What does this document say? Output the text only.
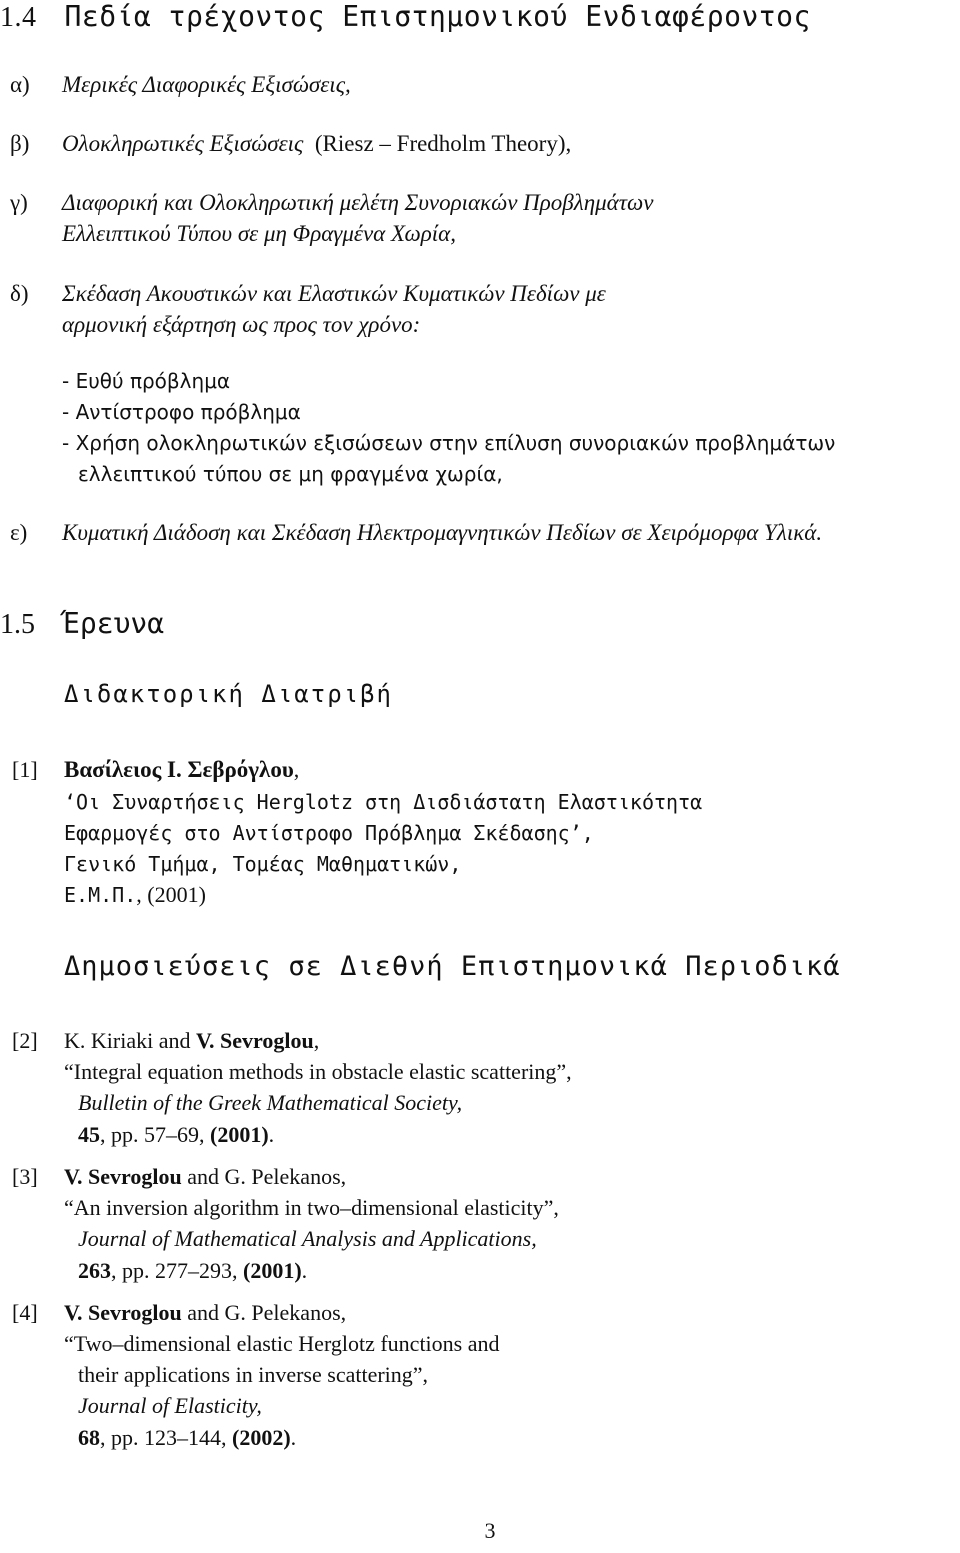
1.4 Πεδία τρέχοντος Επιστημονικού Ενδιαφέροντος
α) Μερικές Διαφορικές Εξισώσεις,
β) Ολοκληρωτικές Εξισώσεις (Riesz – Fredholm Theory),
γ) Διαφορική και Ολοκληρωτική μελέτη Συνοριακών Προβλημάτων
Ελλειπτικού Τύπου σε μη Φραγμένα Χωρία,
δ) Σκέδαση Ακουστικών και Ελαστικών Κυματικών Πεδίων με
αρμονική εξάρτηση ως προς τον χρόνο:
- Ευθύ πρόβλημα
- Αντίστροφο πρόβλημα
- Χρήση ολοκληρωτικών εξισώσεων στην επίλυση συνοριακών προβλημάτων
ελλειπτικού τύπου σε μη φραγμένα χωρία,
ε) Κυματική Διάδοση και Σκέδαση Ηλεκτρομαγνητικών Πεδίων σε Χειρόμορφα Υλικά.
1.5 Έρευνα
Διδακτορική Διατριβή
[1] Βασίλειος Ι. Σεβρόγλου,
‘Οι Συναρτήσεις Herglotz στη Δισδιάστατη Ελαστικότητα
Εφαρμογές στο Αντίστροφο Πρόβλημα Σκέδασης’,
Γενικό Τμήμα, Τομέας Μαθηματικών,
Ε.Μ.Π., (2001)
Δημοσιεύσεις σε Διεθνή Επιστημονικά Περιοδικά
[2] K. Kiriaki and V. Sevroglou,
“Integral equation methods in obstacle elastic scattering”,
Bulletin of the Greek Mathematical Society,
45, pp. 57–69, (2001).
[3] V. Sevroglou and G. Pelekanos,
“An inversion algorithm in two–dimensional elasticity”,
Journal of Mathematical Analysis and Applications,
263, pp. 277–293, (2001).
[4] V. Sevroglou and G. Pelekanos,
“Two–dimensional elastic Herglotz functions and
their applications in inverse scattering”,
Journal of Elasticity,
68, pp. 123–144, (2002).
3
